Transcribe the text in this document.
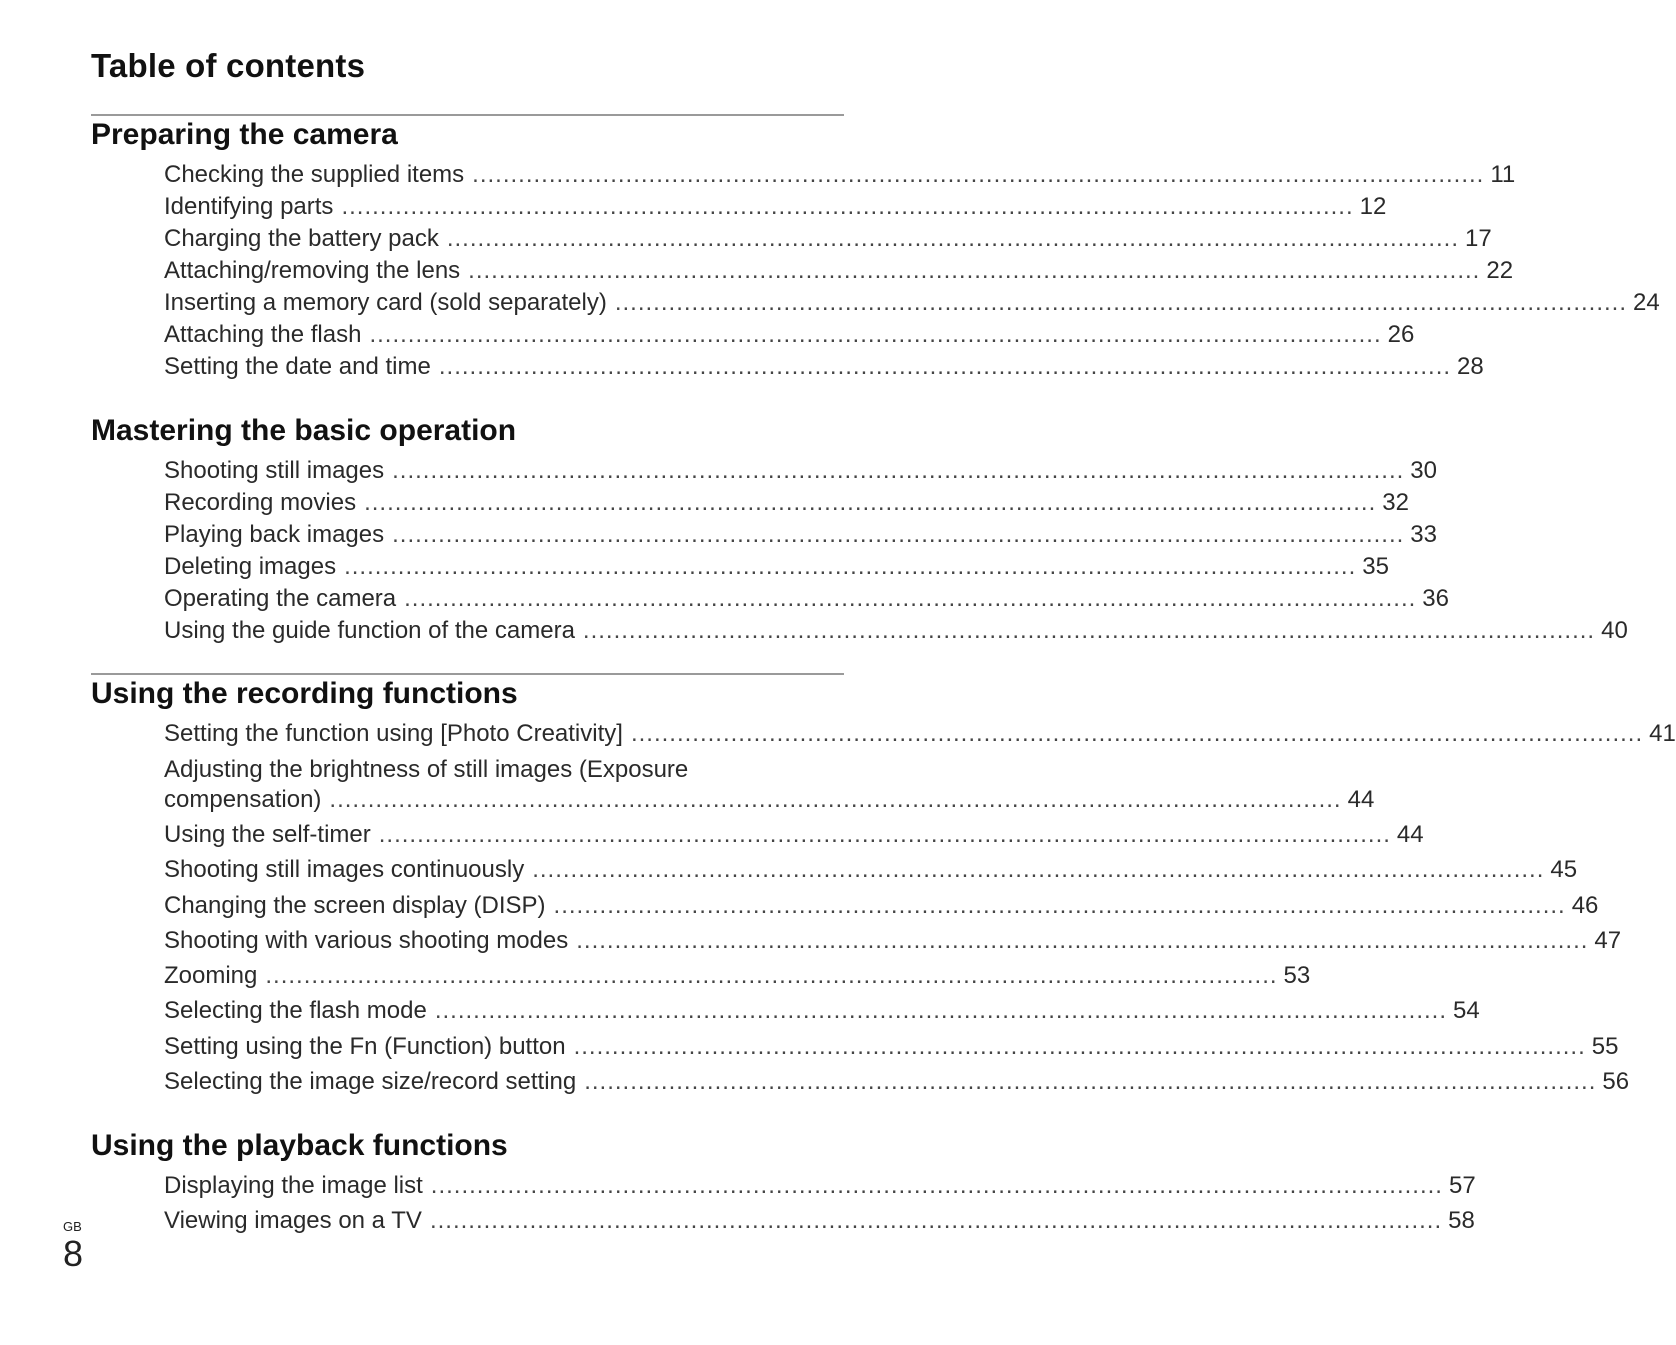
Table of contents
Preparing the camera
Checking the supplied items .................................................................................................................................... 11
Identifying parts .................................................................................................................................... 12
Charging the battery pack .................................................................................................................................... 17
Attaching/removing the lens .................................................................................................................................... 22
Inserting a memory card (sold separately) .................................................................................................................................... 24
Attaching the flash .................................................................................................................................... 26
Setting the date and time .................................................................................................................................... 28
Mastering the basic operation
Shooting still images .................................................................................................................................... 30
Recording movies .................................................................................................................................... 32
Playing back images .................................................................................................................................... 33
Deleting images .................................................................................................................................... 35
Operating the camera .................................................................................................................................... 36
Using the guide function of the camera .................................................................................................................................... 40
Using the recording functions
Setting the function using [Photo Creativity] .................................................................................................................................... 41
Adjusting the brightness of still images (Exposure
compensation) .................................................................................................................................... 44
Using the self-timer .................................................................................................................................... 44
Shooting still images continuously .................................................................................................................................... 45
Changing the screen display (DISP) .................................................................................................................................... 46
Shooting with various shooting modes .................................................................................................................................... 47
Zooming .................................................................................................................................... 53
Selecting the flash mode .................................................................................................................................... 54
Setting using the Fn (Function) button .................................................................................................................................... 55
Selecting the image size/record setting .................................................................................................................................... 56
Using the playback functions
Displaying the image list .................................................................................................................................... 57
Viewing images on a TV .................................................................................................................................... 58
GB
8
